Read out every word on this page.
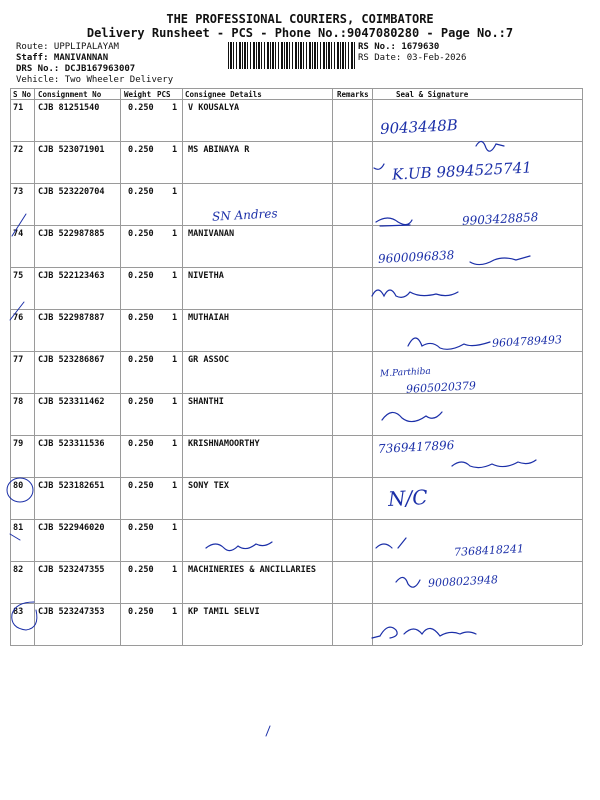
THE PROFESSIONAL COURIERS, COIMBATORE
Delivery Runsheet - PCS - Phone No.:9047080280 - Page No.:7
Route: UPPLIPALAYAM
Staff: MANIVANNAN
DRS No.: DCJB167963007
Vehicle: Two Wheeler Delivery
RS No.: 1679630
RS Date: 03-Feb-2026
S No Consignment No	Weight PCS Consignee Details	Remarks	Seal & Signature
71 CJB 81251540	0.250 1 V KOUSALYA
72 CJB 523071901	0.250 1 MS ABINAYA R
73 CJB 523220704	0.250 1
74 CJB 522987885	0.250 1 MANIVANAN
75 CJB 522123463	0.250 1 NIVETHA
76 CJB 522987887	0.250 1 MUTHAIAH
77 CJB 523286867	0.250 1 GR ASSOC
78 CJB 523311462	0.250 1 SHANTHI
79 CJB 523311536	0.250 1 KRISHNAMOORTHY
80 CJB 523182651	0.250 1 SONY TEX
81 CJB 522946020	0.250 1
82 CJB 523247355	0.250 1 MACHINERIES & ANCILLARIES
83 CJB 523247353	0.250 1 KP TAMIL SELVI
9043448B
K.UB 9894525741
SN Andres	9903428858
9600096838
9604789493
M.Parthiba
9605020379
7369417896
N/C
7368418241
9008023948
